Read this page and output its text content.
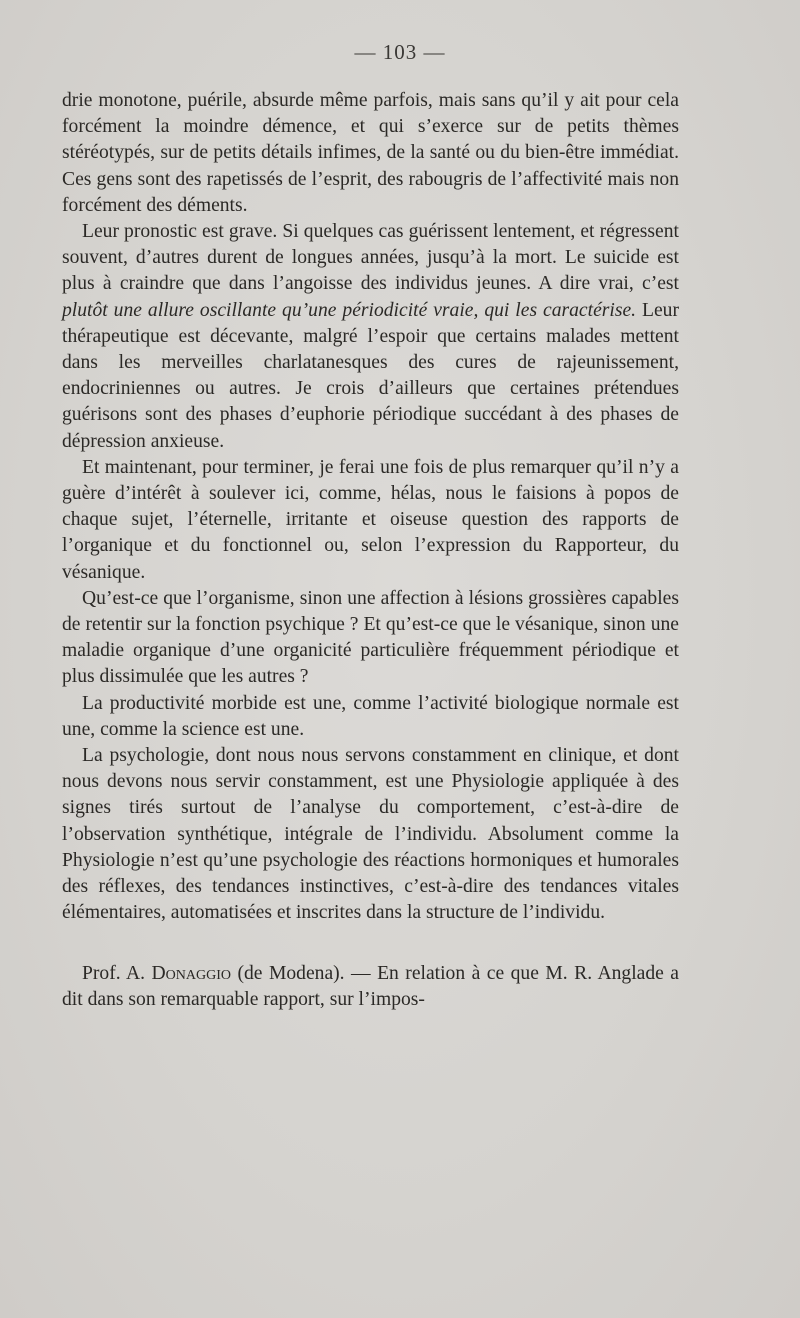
— 103 —

drie monotone, puérile, absurde même parfois, mais sans qu’il y ait pour cela forcément la moindre démence, et qui s’exerce sur de petits thèmes stéréotypés, sur de petits détails infimes, de la santé ou du bien-être immédiat. Ces gens sont des rapetissés de l’esprit, des rabougris de l’affectivité mais non forcément des déments.

Leur pronostic est grave. Si quelques cas guérissent lentement, et régressent souvent, d’autres durent de longues années, jusqu’à la mort. Le suicide est plus à craindre que dans l’angoisse des individus jeunes. A dire vrai, c’est plutôt une allure oscillante qu’une périodicité vraie, qui les caractérise. Leur thérapeutique est décevante, malgré l’espoir que certains malades mettent dans les merveilles charlatanesques des cures de rajeunissement, endocriniennes ou autres. Je crois d’ailleurs que certaines prétendues guérisons sont des phases d’euphorie périodique succédant à des phases de dépression anxieuse.

Et maintenant, pour terminer, je ferai une fois de plus remarquer qu’il n’y a guère d’intérêt à soulever ici, comme, hélas, nous le faisions à popos de chaque sujet, l’éternelle, irritante et oiseuse question des rapports de l’organique et du fonctionnel ou, selon l’expression du Rapporteur, du vésanique.

Qu’est-ce que l’organisme, sinon une affection à lésions grossières capables de retentir sur la fonction psychique ? Et qu’est-ce que le vésanique, sinon une maladie organique d’une organicité particulière fréquemment périodique et plus dissimulée que les autres ?

La productivité morbide est une, comme l’activité biologique normale est une, comme la science est une.

La psychologie, dont nous nous servons constamment en clinique, et dont nous devons nous servir constamment, est une Physiologie appliquée à des signes tirés surtout de l’analyse du comportement, c’est-à-dire de l’observation synthétique, intégrale de l’individu. Absolument comme la Physiologie n’est qu’une psychologie des réactions hormoniques et humorales des réflexes, des tendances instinctives, c’est-à-dire des tendances vitales élémentaires, automatisées et inscrites dans la structure de l’individu.

Prof. A. Donaggio (de Modena). — En relation à ce que M. R. Anglade a dit dans son remarquable rapport, sur l’impos-
